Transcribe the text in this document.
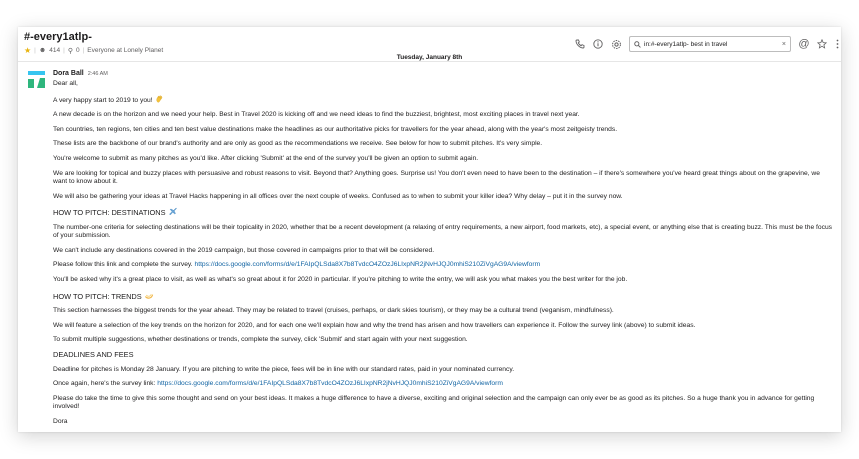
#-every1atlp-
★ | ☻ 414 | ⚲ 0 | Everyone at Lonely Planet
in:#-every1atlp- best in travel	× @
Tuesday, January 8th
Dora Ball 2:46 AM

Dear all,

A very happy start to 2019 to you!

A new decade is on the horizon and we need your help. Best in Travel 2020 is kicking off and we need ideas to find the buzziest, brightest, most exciting places in travel next year.

Ten countries, ten regions, ten cities and ten best value destinations make the headlines as our authoritative picks for travellers for the year ahead, along with the year's most zeitgeisty trends.

These lists are the backbone of our brand's authority and are only as good as the recommendations we receive. See below for how to submit pitches. It's very simple.

You're welcome to submit as many pitches as you'd like. After clicking 'Submit' at the end of the survey you'll be given an option to submit again.

We are looking for topical and buzzy places with persuasive and robust reasons to visit. Beyond that? Anything goes. Surprise us! You don't even need to have been to the destination – if there's somewhere you've heard great things about on the grapevine, we want to know about it.

We will also be gathering your ideas at Travel Hacks happening in all offices over the next couple of weeks. Confused as to when to submit your killer idea? Why delay – put it in the survey now.

HOW TO PITCH: DESTINATIONS

The number-one criteria for selecting destinations will be their topicality in 2020, whether that be a recent development (a relaxing of entry requirements, a new airport, food markets, etc), a special event, or anything else that is creating buzz. This must be the focus of your submission.

We can't include any destinations covered in the 2019 campaign, but those covered in campaigns prior to that will be considered.

Please follow this link and complete the survey. https://docs.google.com/forms/d/e/1FAIpQLSda8X7b8TvdcO4ZOzJ6LIxpNR2jNvHJQJ0mhiS210ZiVgAG9A/viewform

You'll be asked why it's a great place to visit, as well as what's so great about it for 2020 in particular. If you're pitching to write the entry, we will ask you what makes you the best writer for the job.

HOW TO PITCH: TRENDS

This section harnesses the biggest trends for the year ahead. They may be related to travel (cruises, perhaps, or dark skies tourism), or they may be a cultural trend (veganism, mindfulness).

We will feature a selection of the key trends on the horizon for 2020, and for each one we'll explain how and why the trend has arisen and how travellers can experience it. Follow the survey link (above) to submit ideas.

To submit multiple suggestions, whether destinations or trends, complete the survey, click 'Submit' and start again with your next suggestion.

DEADLINES AND FEES

Deadline for pitches is Monday 28 January. If you are pitching to write the piece, fees will be in line with our standard rates, paid in your nominated currency.

Once again, here's the survey link: https://docs.google.com/forms/d/e/1FAIpQLSda8X7b8TvdcO4ZOzJ6LIxpNR2jNvHJQJ0mhiS210ZiVgAG9A/viewform

Please do take the time to give this some thought and send on your best ideas. It makes a huge difference to have a diverse, exciting and original selection and the campaign can only ever be as good as its pitches. So a huge thank you in advance for getting involved!

Dora
